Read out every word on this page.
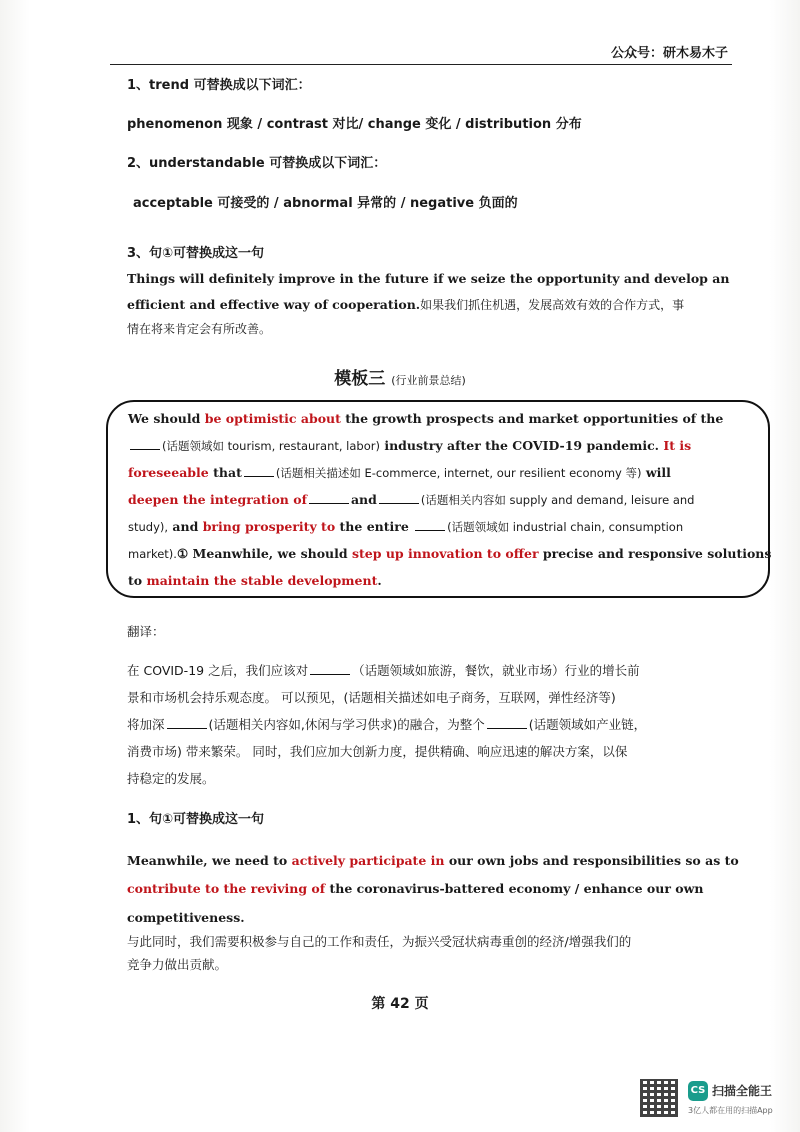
公众号：研木易木子
1、trend 可替换成以下词汇：
phenomenon 现象 / contrast 对比/ change 变化 / distribution 分布
2、understandable 可替换成以下词汇：
acceptable 可接受的 / abnormal 异常的 / negative 负面的
3、句①可替换成这一句
Things will definitely improve in the future if we seize the opportunity and develop an
efficient and effective way of cooperation.如果我们抓住机遇，发展高效有效的合作方式，事
情在将来肯定会有所改善。
模板三 (行业前景总结)
We should be optimistic about the growth prospects and market opportunities of the
(话题领域如 tourism, restaurant, labor) industry after the COVID-19 pandemic. It is
foreseeable that	(话题相关描述如 E-commerce, internet, our resilient economy 等) will
deepen the integration of	and	(话题相关内容如 supply and demand, leisure and
study), and bring prosperity to the entire	(话题领域如 industrial chain, consumption
market).① Meanwhile, we should step up innovation to offer precise and responsive solutions
to maintain the stable development.
翻译：
在 COVID-19 之后，我们应该对	（话题领域如旅游，餐饮，就业市场）行业的增长前
景和市场机会持乐观态度。 可以预见，(话题相关描述如电子商务，互联网，弹性经济等)
将加深	(话题相关内容如,休闲与学习供求)的融合，为整个	(话题领域如产业链，
消费市场) 带来繁荣。 同时，我们应加大创新力度，提供精确、响应迅速的解决方案，以保
持稳定的发展。
1、句①可替换成这一句
Meanwhile, we need to actively participate in our own jobs and responsibilities so as to
contribute to the reviving of the coronavirus-battered economy / enhance our own
competitiveness.
与此同时，我们需要积极参与自己的工作和责任，为振兴受冠状病毒重创的经济/增强我们的
竞争力做出贡献。
第 42 页
CS 扫描全能王
3亿人都在用的扫描App
